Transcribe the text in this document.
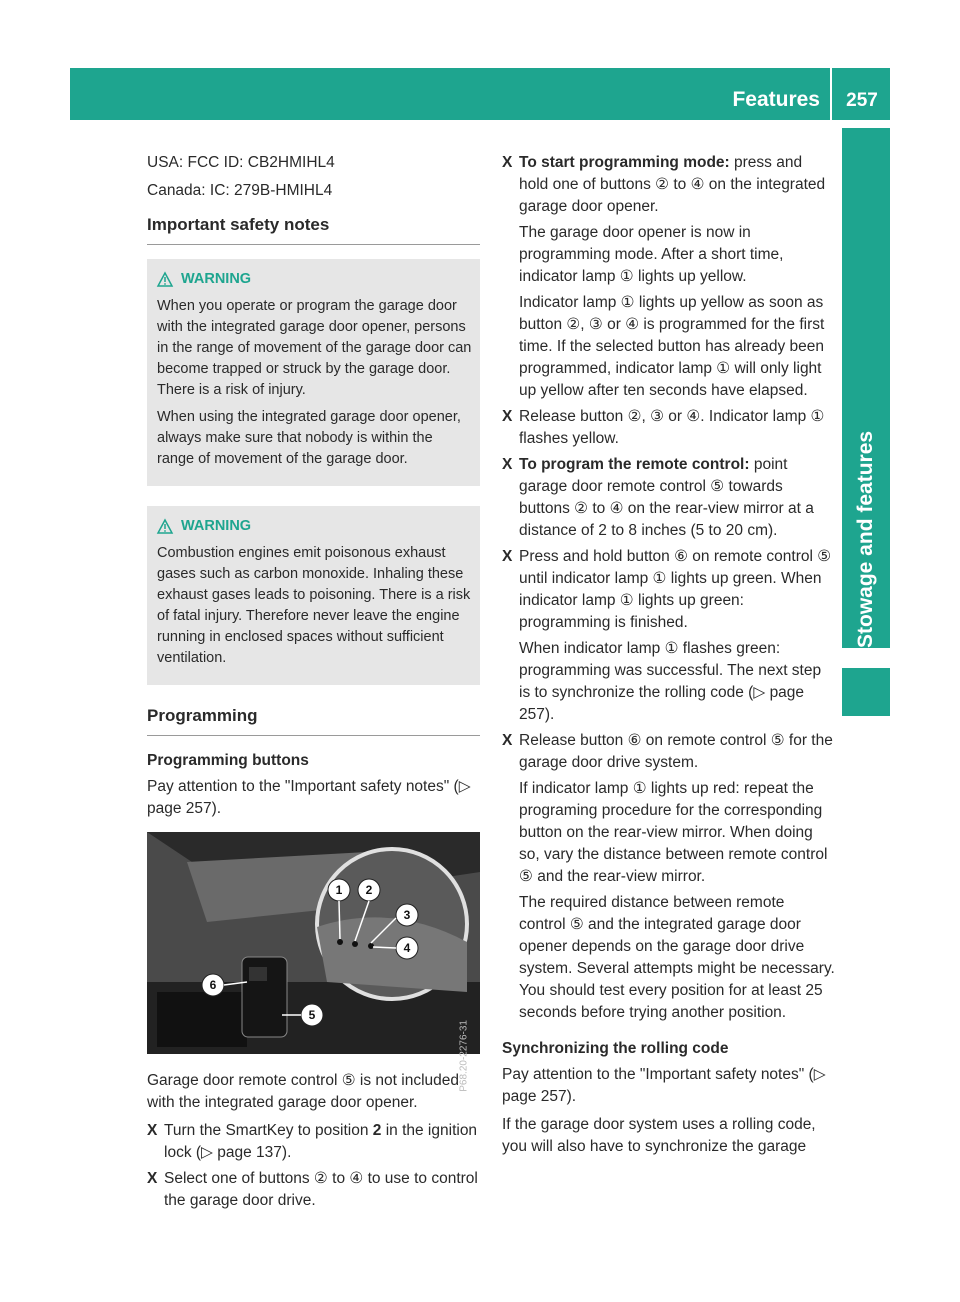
Features	257
Stowage and features

USA: FCC ID: CB2HMIHL4

Canada: IC: 279B-HMIHL4

Important safety notes
WARNING

When you operate or program the garage door with the integrated garage door opener, persons in the range of movement of the garage door can become trapped or struck by the garage door. There is a risk of injury.

When using the integrated garage door opener, always make sure that nobody is within the range of movement of the garage door.

WARNING

Combustion engines emit poisonous exhaust gases such as carbon monoxide. Inhaling these exhaust gases leads to poisoning. There is a risk of fatal injury. Therefore never leave the engine running in enclosed spaces without sufficient ventilation.

Programming
Programming buttons

Pay attention to the "Important safety notes" (▷ page 257).

1 2
3
4
5
6
P68.20-2276-31

Garage door remote control ⑤ is not included with the integrated garage door opener.

X Turn the SmartKey to position 2 in the ignition lock (▷ page 137).
X Select one of buttons ② to ④ to use to control the garage door drive.
X To start programming mode: press and hold one of buttons ② to ④ on the integrated garage door opener.
The garage door opener is now in programming mode. After a short time, indicator lamp ① lights up yellow.
Indicator lamp ① lights up yellow as soon as button ②, ③ or ④ is programmed for the first time. If the selected button has already been programmed, indicator lamp ① will only light up yellow after ten seconds have elapsed.
X Release button ②, ③ or ④. Indicator lamp ① flashes yellow.
X To program the remote control: point garage door remote control ⑤ towards buttons ② to ④ on the rear-view mirror at a distance of 2 to 8 inches (5 to 20 cm).
X Press and hold button ⑥ on remote control ⑤ until indicator lamp ① lights up green. When indicator lamp ① lights up green: programming is finished.
When indicator lamp ① flashes green: programming was successful. The next step is to synchronize the rolling code (▷ page 257).
X Release button ⑥ on remote control ⑤ for the garage door drive system.
If indicator lamp ① lights up red: repeat the programing procedure for the corresponding button on the rear-view mirror. When doing so, vary the distance between remote control ⑤ and the rear-view mirror.
The required distance between remote control ⑤ and the integrated garage door opener depends on the garage door drive system. Several attempts might be necessary. You should test every position for at least 25 seconds before trying another position.
Synchronizing the rolling code

Pay attention to the "Important safety notes" (▷ page 257).

If the garage door system uses a rolling code, you will also have to synchronize the garage
